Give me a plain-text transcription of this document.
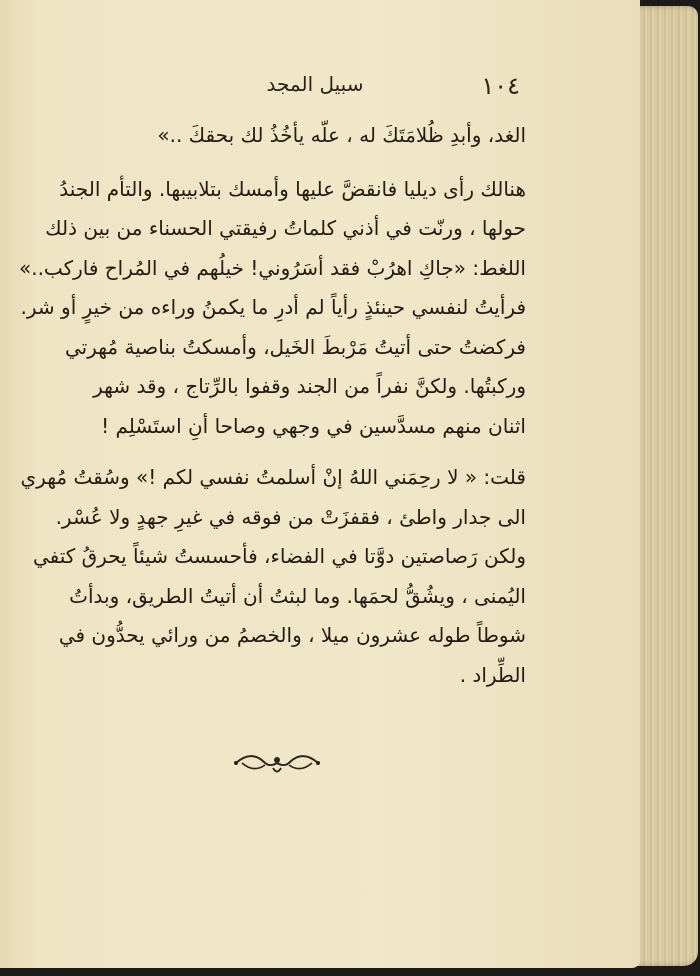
١٠٤
سبيل المجد
الغد، وأبدِ ظُلامَتَكَ له ، علّه يأخُذُ لك بحقكَ ..»
هنالك رأى ديليا فانقضَّ عليها وأمسك بتلابيبها. والتأم الجندُ
حولها ، ورنّت في أذني كلماتُ رفيقتي الحسناء من بين ذلك
اللغط: «جاكِ اهرُبْ فقد أسَرُوني! خيلُهم في المُراح فاركب..»
فرأيتُ لنفسي حينئذٍ رأياً لم أدرِ ما يكمنُ وراءه من خيرٍ أو شر.
فركضتُ حتى أتيتُ مَرْبطَ الخَيل، وأمسكتُ بناصية مُهرتي
وركبتُها. ولكنَّ نفراً من الجند وقفوا بالرِّتاج ، وقد شهر
اثنان منهم مسدَّسين في وجهي وصاحا أنِ استَسْلِم !
قلت: « لا رحِمَني اللهُ إنْ أسلمتُ نفسي لكم !» وسُقتُ مُهري
الى جدار واطئ ، فقفزَتْ من فوقه في غيرِ جهدٍ ولا عُسْر.
ولكن رَصاصتين دوَّتا في الفضاء، فأحسستُ شيئاً يحرقُ كتفي
اليُمنى ، ويشُقُّ لحمَها. وما لبثتُ أن أتيتُ الطريق، وبدأتُ
شوطاً طوله عشرون ميلا ، والخصمُ من ورائي يحدُّون في
الطِّراد .
